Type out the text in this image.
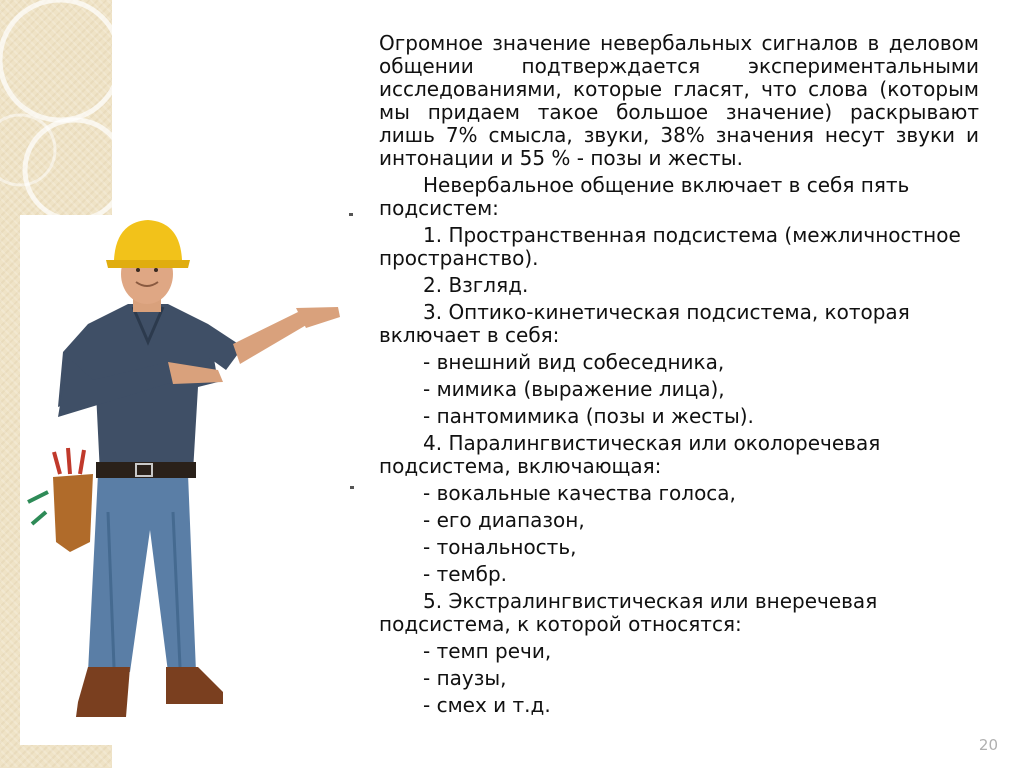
Огромное значение невербальных сигналов в деловом общении подтверждается экспериментальными исследованиями, которые гласят, что слова (которым мы придаем такое большое значение) раскрывают лишь 7% смысла, звуки, 38% значения несут звуки и интонации и 55 % - позы и жесты.

Невербальное общение включает в себя пять подсистем:

1. Пространственная подсистема (межличностное пространство).

2. Взгляд.

3. Оптико-кинетическая подсистема, которая включает в себя:

- внешний вид собеседника,

- мимика (выражение лица),

- пантомимика (позы и жесты).

4. Паралингвистическая или околоречевая подсистема, включающая:

- вокальные качества голоса,

- его диапазон,

- тональность,

- тембр.

5. Экстралингвистическая или внеречевая подсистема, к которой относятся:

- темп речи,

- паузы,

- смех и т.д.

20
